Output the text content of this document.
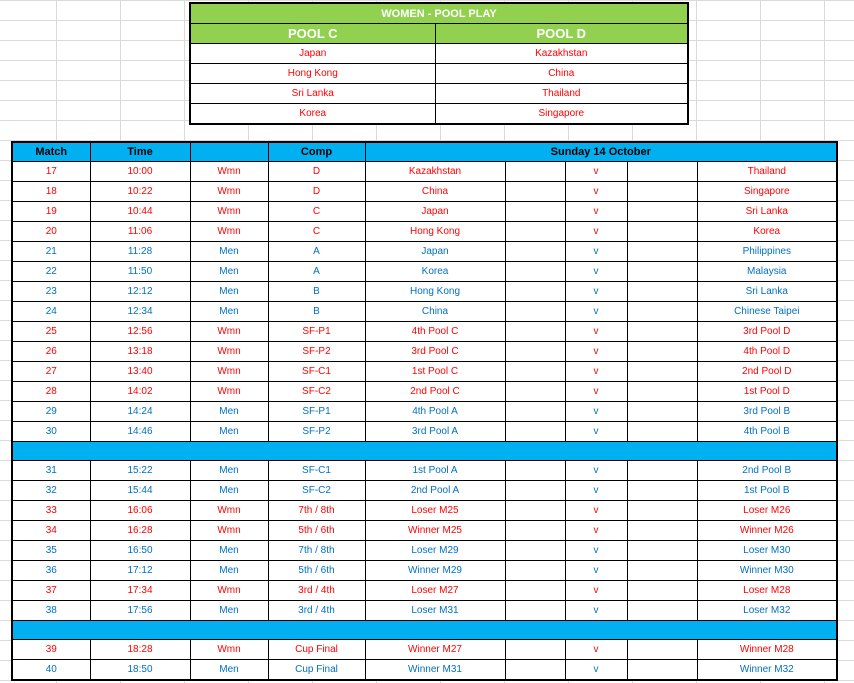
WOMEN - POOL PLAY	
POOL C	POOL D
Japan	Kazakhstan
Hong Kong	China
Sri Lanka	Thailand
Korea	Singapore
Match	Time		Comp	Sunday 14 October				
17	10:00	Wmn	D	Kazakhstan		v		Thailand
18	10:22	Wmn	D	China		v		Singapore
19	10:44	Wmn	C	Japan		v		Sri Lanka
20	11:06	Wmn	C	Hong Kong		v		Korea
21	11:28	Men	A	Japan		v		Philippines
22	11:50	Men	A	Korea		v		Malaysia
23	12:12	Men	B	Hong Kong		v		Sri Lanka
24	12:34	Men	B	China		v		Chinese Taipei
25	12:56	Wmn	SF-P1	4th Pool C		v		3rd Pool D
26	13:18	Wmn	SF-P2	3rd Pool C		v		4th Pool D
27	13:40	Wmn	SF-C1	1st Pool C		v		2nd Pool D
28	14:02	Wmn	SF-C2	2nd Pool C		v		1st Pool D
29	14:24	Men	SF-P1	4th Pool A		v		3rd Pool B
30	14:46	Men	SF-P2	3rd Pool A		v		4th Pool B

31	15:22	Men	SF-C1	1st Pool A		v		2nd Pool B
32	15:44	Men	SF-C2	2nd Pool A		v		1st Pool B
33	16:06	Wmn	7th / 8th	Loser M25		v		Loser M26
34	16:28	Wmn	5th / 6th	Winner M25		v		Winner M26
35	16:50	Men	7th / 8th	Loser M29		v		Loser M30
36	17:12	Men	5th / 6th	Winner M29		v		Winner M30
37	17:34	Wmn	3rd / 4th	Loser M27		v		Loser M28
38	17:56	Men	3rd / 4th	Loser M31		v		Loser M32

39	18:28	Wmn	Cup Final	Winner M27		v		Winner M28
40	18:50	Men	Cup Final	Winner M31		v		Winner M32
